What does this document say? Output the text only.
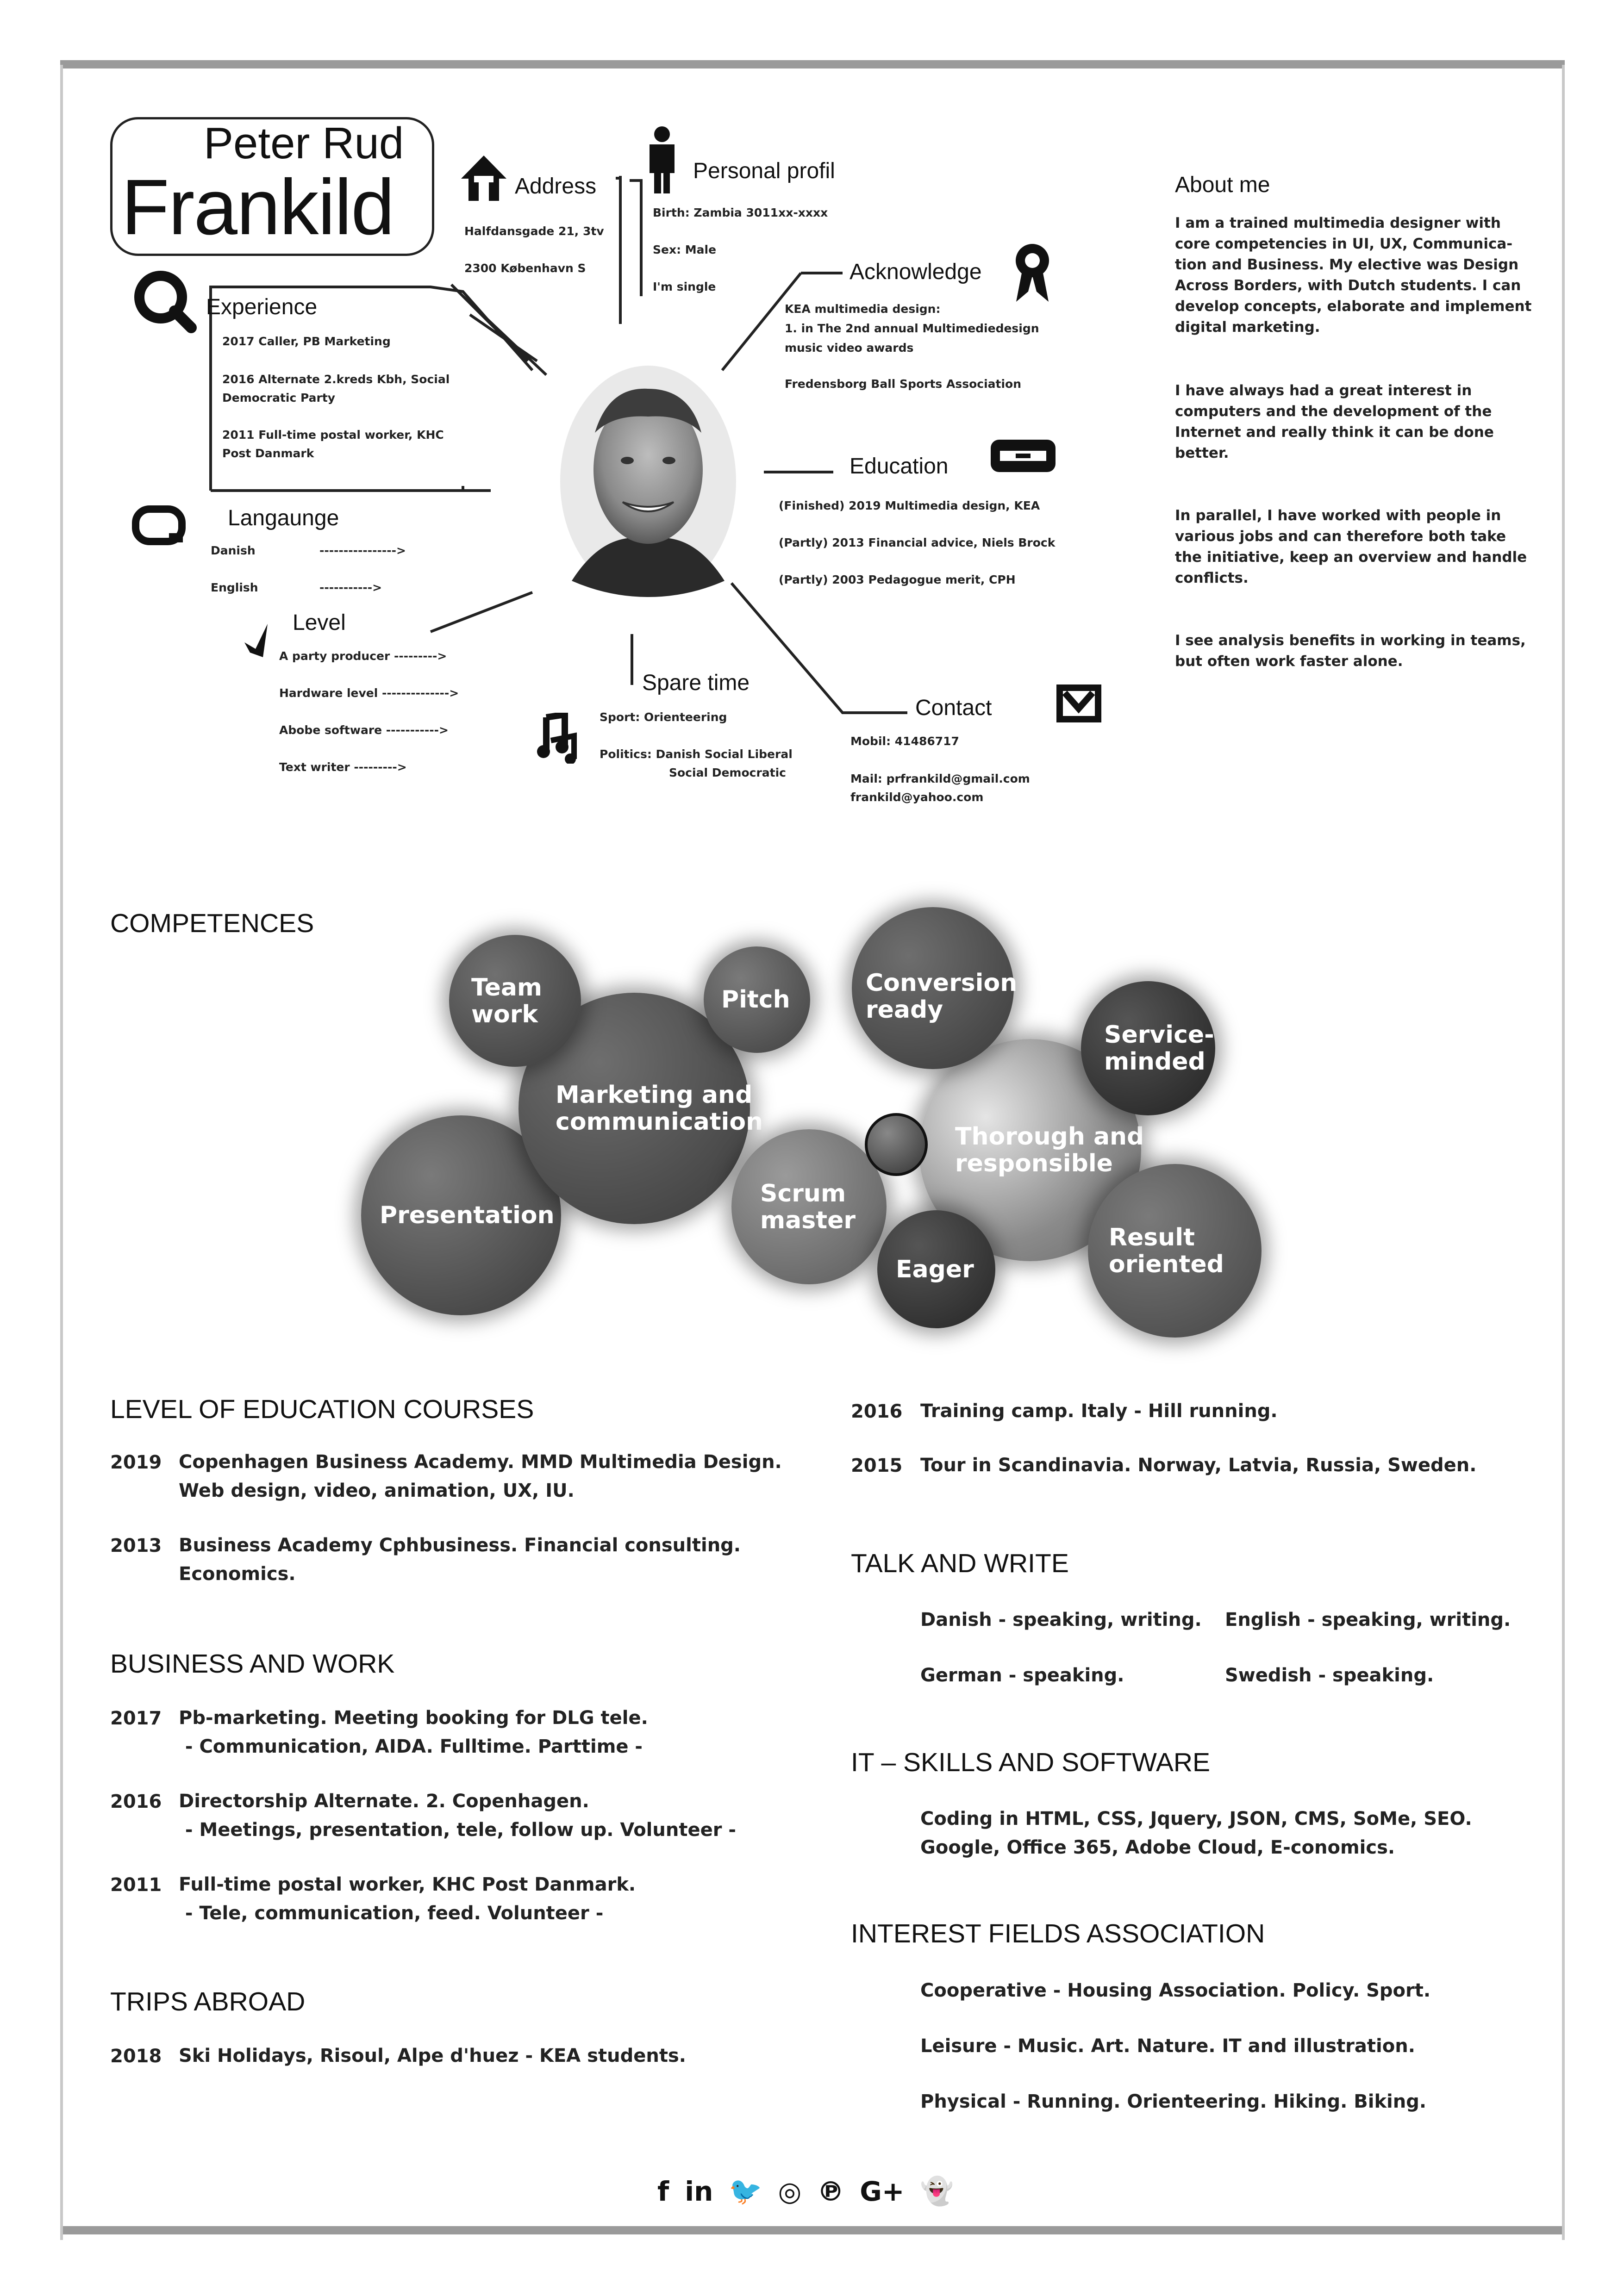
Peter Rud
Frankild
Experience
2017 Caller, PB Marketing
2016 Alternate 2.kreds Kbh, Social
Democratic Party
2011 Full-time postal worker, KHC
Post Danmark
Langaunge
Danish	---------------->
English	----------->
Level
A party producer --------->
Hardware level -------------->
Abobe software ----------->
Text writer --------->
Address
Halfdansgade 21, 3tv
2300 København S
Personal profil
Birth: Zambia 3011xx-xxxx
Sex: Male
I'm single
Acknowledge
KEA multimedia design:
1. in The 2nd annual Multimediedesign
music video awards
Fredensborg Ball Sports Association
Education
(Finished) 2019 Multimedia design, KEA
(Partly) 2013 Financial advice, Niels Brock
(Partly) 2003 Pedagogue merit, CPH
Spare time
Sport: Orienteering
Politics: Danish Social Liberal
Social Democratic
Contact
Mobil: 41486717
Mail: prfrankild@gmail.com
frankild@yahoo.com
About me
I am a trained multimedia designer with core competencies in UI, UX, Communica-tion and Business. My elective was Design Across Borders, with Dutch students. I can develop concepts, elaborate and implement digital marketing.
I have always had a great interest in computers and the development of the Internet and really think it can be done better.
In parallel, I have worked with people in various jobs and can therefore both take the initiative, keep an overview and handle conflicts.
I see analysis benefits in working in teams, but often work faster alone.
COMPETENCES
Presentation
Marketing and
communication
Team
work
Pitch
Scrum
master
Thorough and
responsible
Conversion
ready
Service-
minded
Result
oriented
Eager
LEVEL OF EDUCATION COURSES
2019 Copenhagen Business Academy. MMD Multimedia Design.
Web design, video, animation, UX, IU.
2013 Business Academy Cphbusiness. Financial consulting.
Economics.
2016 Training camp. Italy - Hill running.
2015 Tour in Scandinavia. Norway, Latvia, Russia, Sweden.
BUSINESS AND WORK
2017 Pb-marketing. Meeting booking for DLG tele.
- Communication, AIDA. Fulltime. Parttime -
2016 Directorship Alternate. 2. Copenhagen.
- Meetings, presentation, tele, follow up. Volunteer -
2011 Full-time postal worker, KHC Post Danmark.
- Tele, communication, feed. Volunteer -
TRIPS ABROAD
2018 Ski Holidays, Risoul, Alpe d'huez - KEA students.
TALK AND WRITE
Danish - speaking, writing. English - speaking, writing.
German - speaking.	Swedish - speaking.
IT – SKILLS AND SOFTWARE
Coding in HTML, CSS, Jquery, JSON, CMS, SoMe, SEO.
Google, Office 365, Adobe Cloud, E-conomics.
INTEREST FIELDS ASSOCIATION
Cooperative - Housing Association. Policy. Sport.
Leisure - Music. Art. Nature. IT and illustration.
Physical - Running. Orienteering. Hiking. Biking.
f in 🐦 ◎ ℗ G+ 👻
